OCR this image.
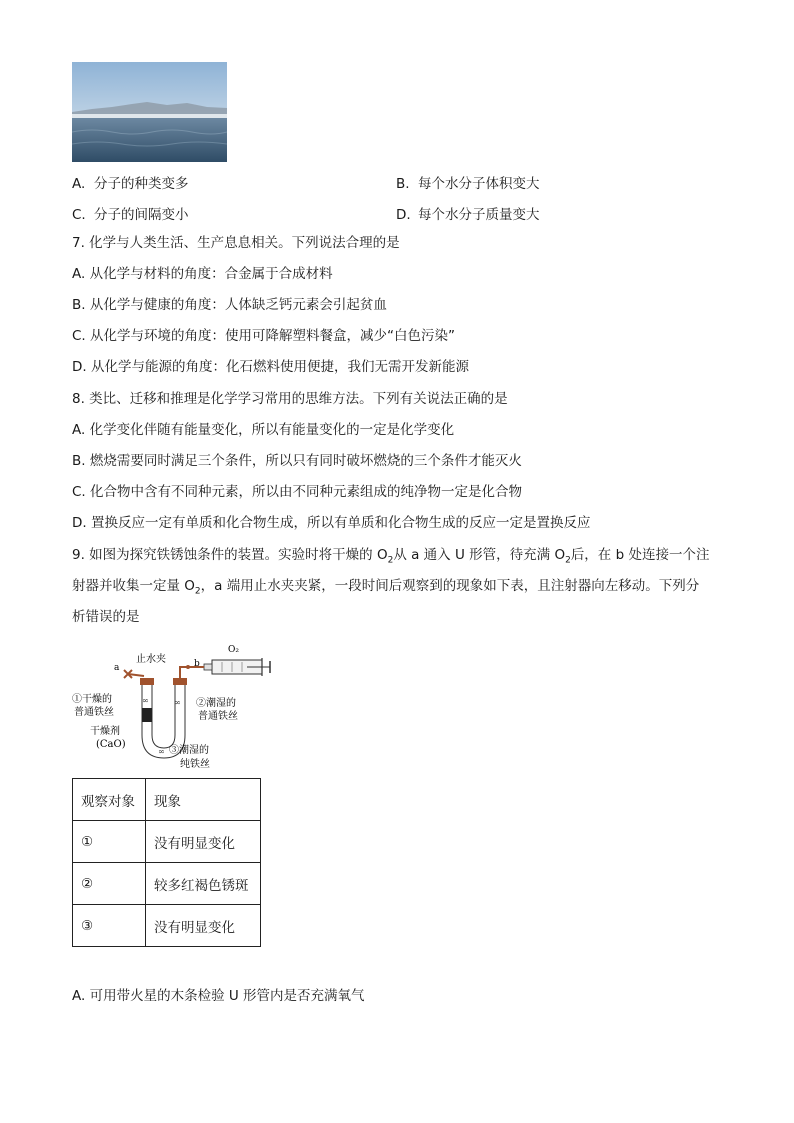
A. 分子的种类变多	B. 每个水分子体积变大
C. 分子的间隔变小	D. 每个水分子质量变大
7. 化学与人类生活、生产息息相关。下列说法合理的是
A. 从化学与材料的角度：合金属于合成材料
B. 从化学与健康的角度：人体缺乏钙元素会引起贫血
C. 从化学与环境的角度：使用可降解塑料餐盒，减少“白色污染”
D. 从化学与能源的角度：化石燃料使用便捷，我们无需开发新能源
8. 类比、迁移和推理是化学学习常用的思维方法。下列有关说法正确的是
A. 化学变化伴随有能量变化，所以有能量变化的一定是化学变化
B. 燃烧需要同时满足三个条件，所以只有同时破坏燃烧的三个条件才能灭火
C. 化合物中含有不同种元素，所以由不同种元素组成的纯净物一定是化合物
D. 置换反应一定有单质和化合物生成，所以有单质和化合物生成的反应一定是置换反应
9. 如图为探究铁锈蚀条件的装置。实验时将干燥的 $O_2$从 a 通入 U 形管，待充满 $O_2$后，在 b 处连接一个注
射器并收集一定量 $O_2$，a 端用止水夹夹紧，一段时间后观察到的现象如下表，且注射器向左移动。下列分
析错误的是
O₂
b
a
止水夹
∞	∞
∞
①干燥的
普通铁丝
干燥剂
(CaO)
②潮湿的
普通铁丝
③潮湿的
纯铁丝
观察对象	现象
①	没有明显变化
②	较多红褐色锈斑
③	没有明显变化
A. 可用带火星的木条检验 U 形管内是否充满氧气
